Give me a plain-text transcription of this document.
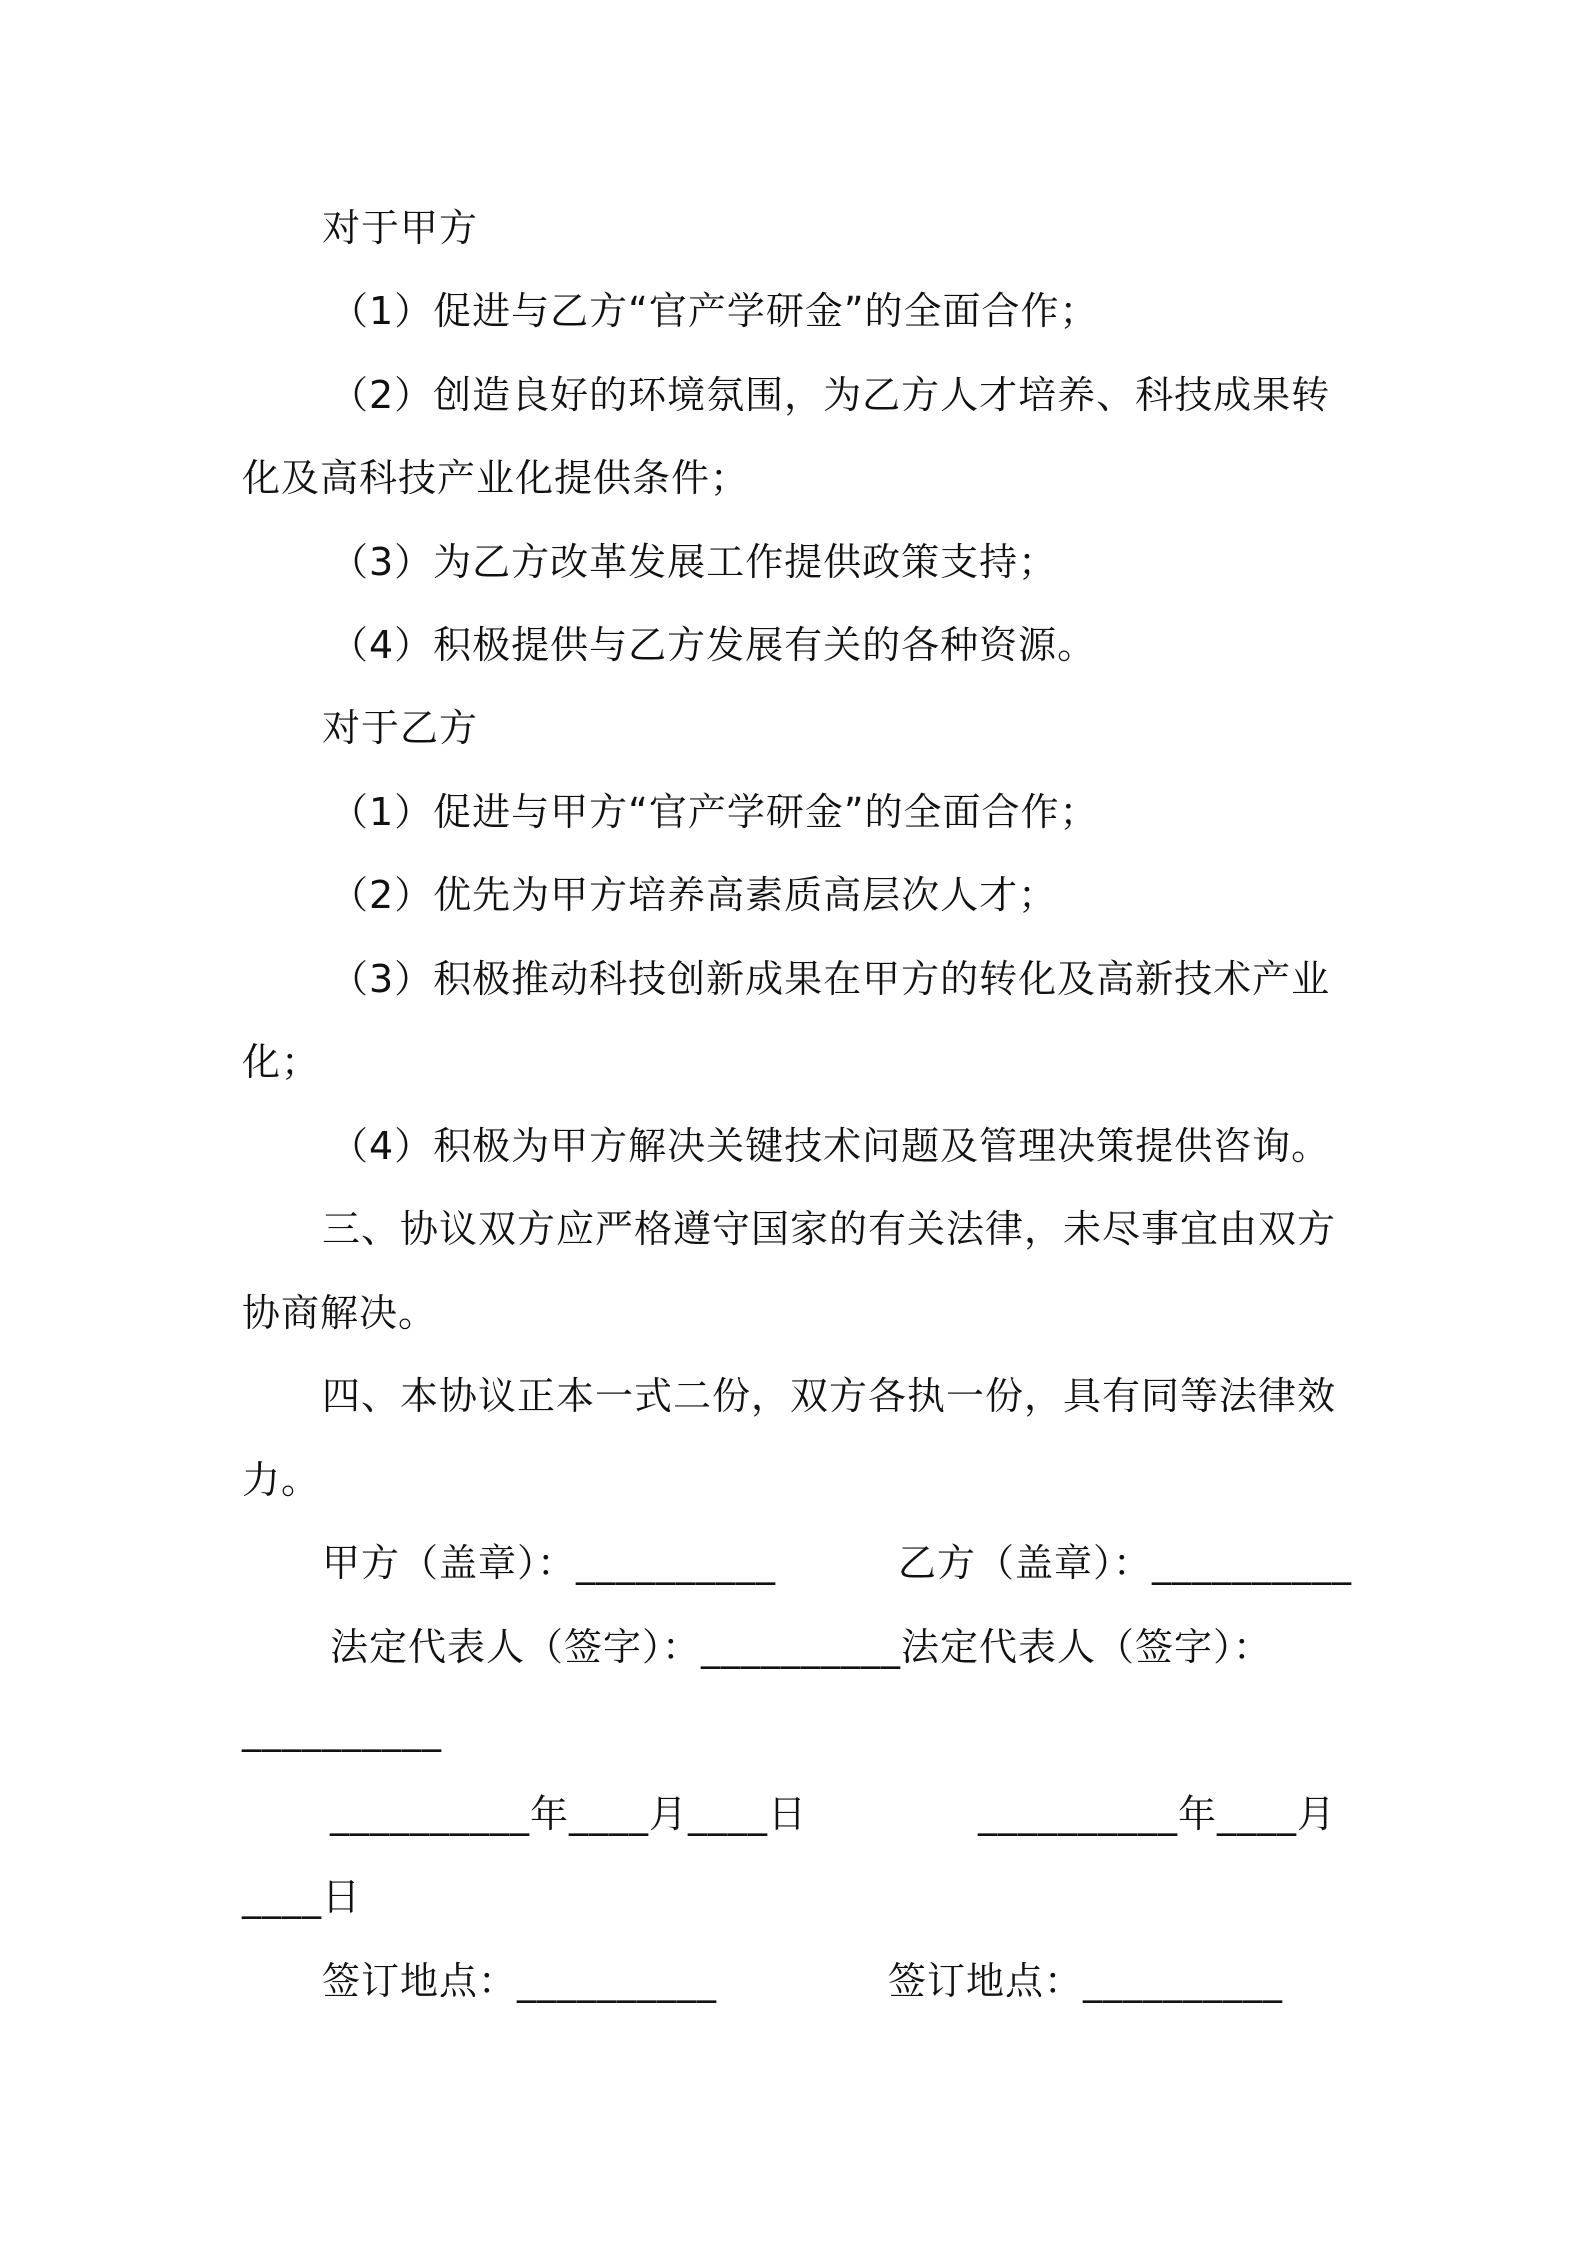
对于甲方
（1）促进与乙方“官产学研金”的全面合作；
（2）创造良好的环境氛围，为乙方人才培养、科技成果转
化及高科技产业化提供条件；
（3）为乙方改革发展工作提供政策支持；
（4）积极提供与乙方发展有关的各种资源。
对于乙方
（1）促进与甲方“官产学研金”的全面合作；
（2）优先为甲方培养高素质高层次人才；
（3）积极推动科技创新成果在甲方的转化及高新技术产业
化；
（4）积极为甲方解决关键技术问题及管理决策提供咨询。
三、协议双方应严格遵守国家的有关法律，未尽事宜由双方
协商解决。
四、本协议正本一式二份，双方各执一份，具有同等法律效
力。
甲方（盖章）：__________	乙方（盖章）：__________
法定代表人（签字）：__________法定代表人（签字）：
__________
__________年____月____日	__________年____月
____日
签订地点：__________	签订地点：__________
